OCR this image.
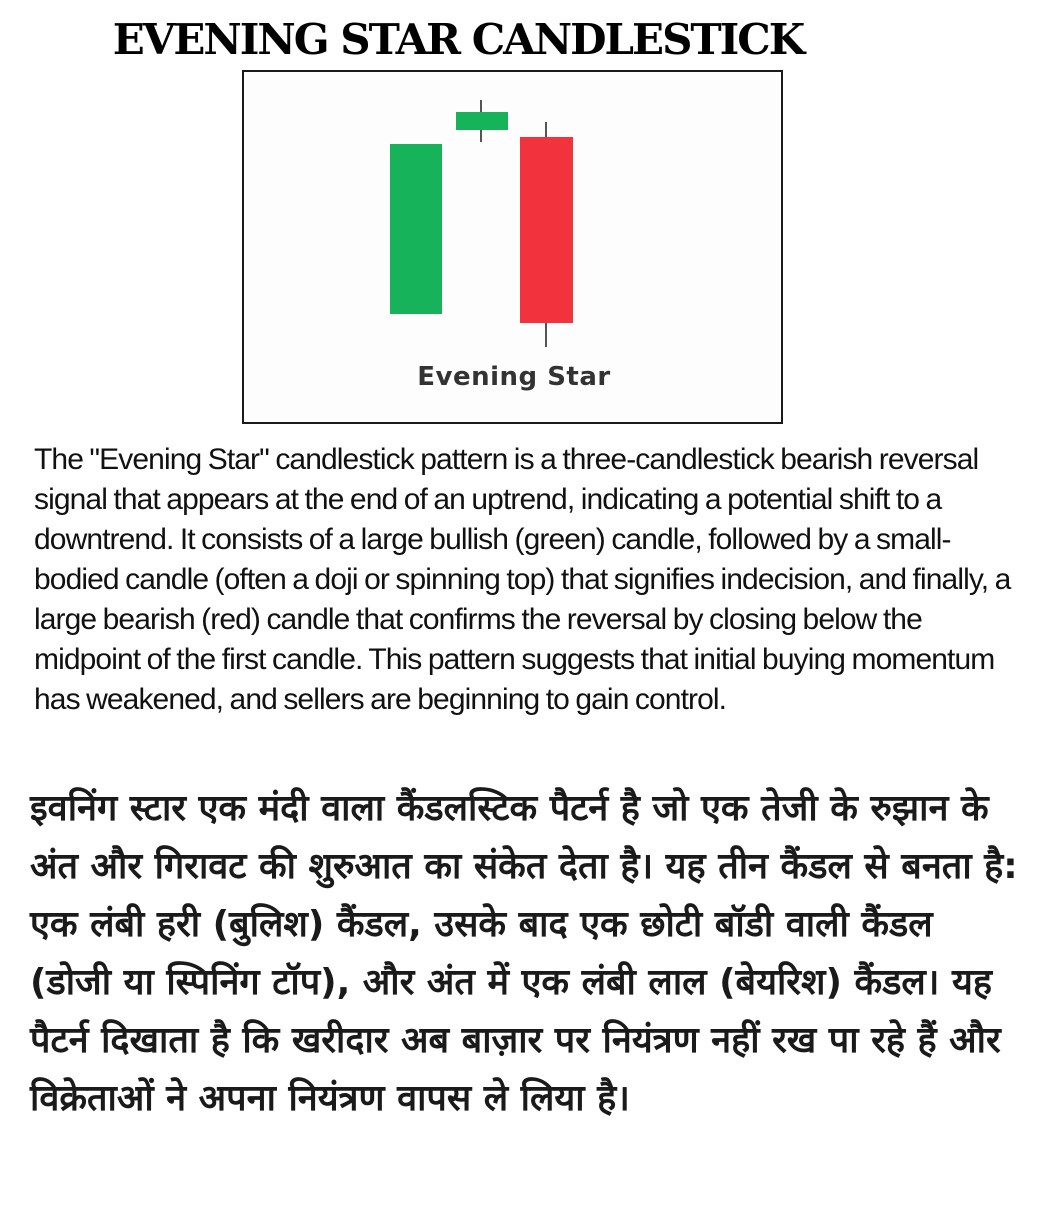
EVENING STAR CANDLESTICK
Evening Star

The "Evening Star" candlestick pattern is a three-candlestick bearish reversal signal that appears at the end of an uptrend, indicating a potential shift to a downtrend. It consists of a large bullish (green) candle, followed by a small-bodied candle (often a doji or spinning top) that signifies indecision, and finally, a large bearish (red) candle that confirms the reversal by closing below the midpoint of the first candle. This pattern suggests that initial buying momentum has weakened, and sellers are beginning to gain control.

इवनिंग स्टार एक मंदी वाला कैंडलस्टिक पैटर्न है जो एक तेजी के रुझान के अंत और गिरावट की शुरुआत का संकेत देता है। यह तीन कैंडल से बनता है: एक लंबी हरी (बुलिश) कैंडल, उसके बाद एक छोटी बॉडी वाली कैंडल (डोजी या स्पिनिंग टॉप), और अंत में एक लंबी लाल (बेयरिश) कैंडल। यह पैटर्न दिखाता है कि खरीदार अब बाज़ार पर नियंत्रण नहीं रख पा रहे हैं और विक्रेताओं ने अपना नियंत्रण वापस ले लिया है।
